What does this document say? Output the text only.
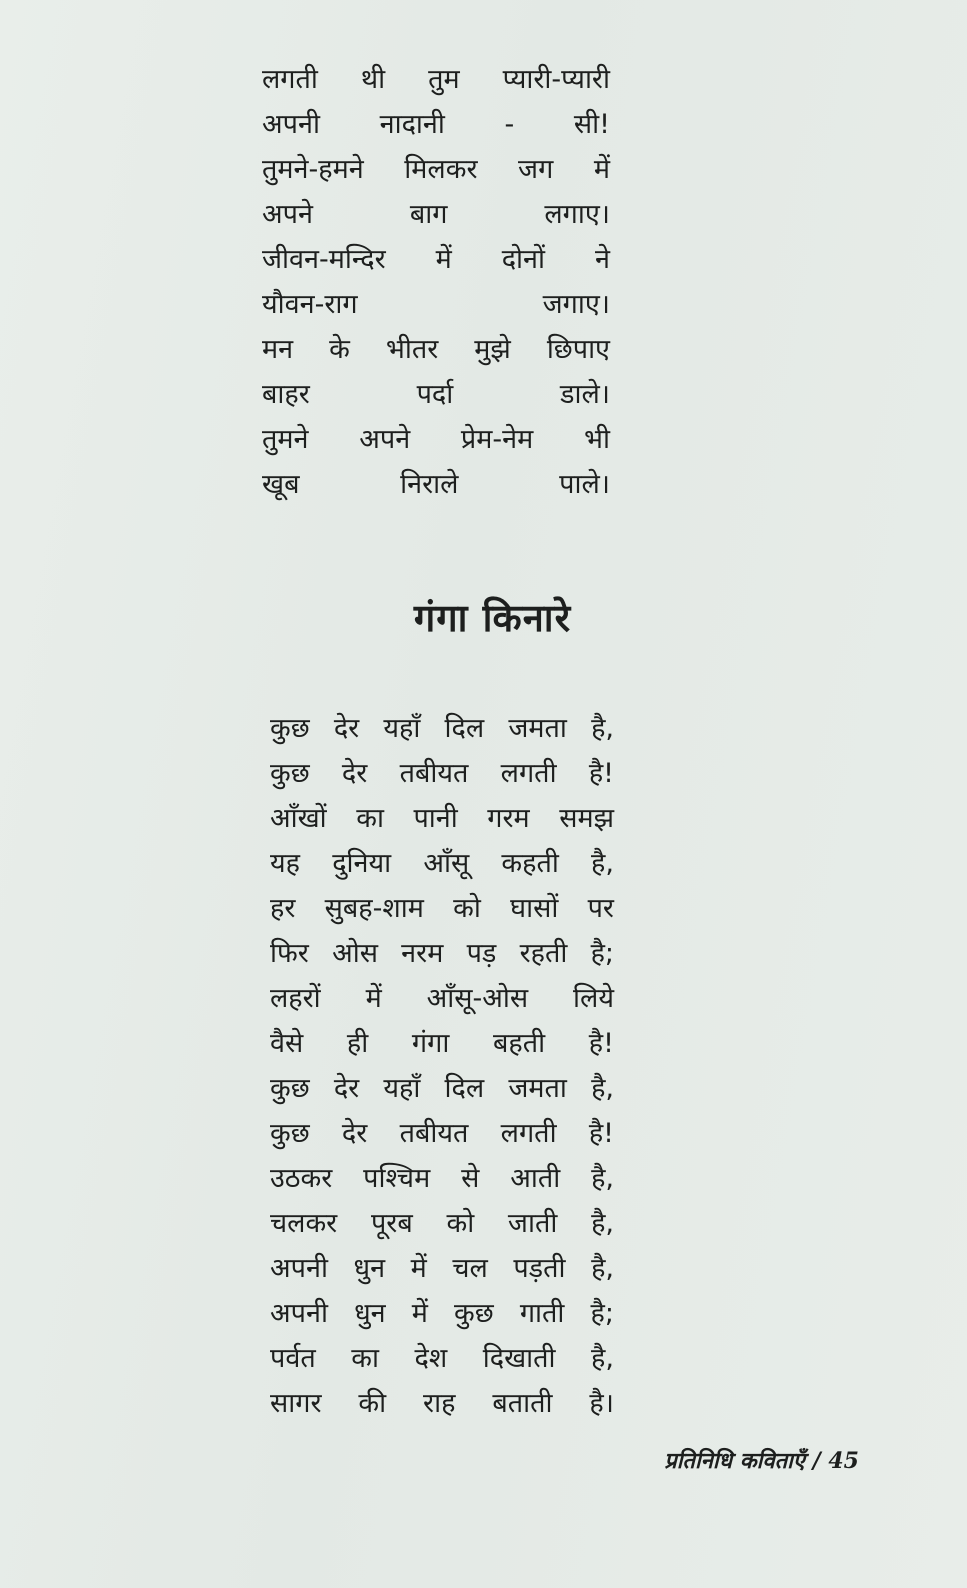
लगती थी तुम प्यारी-प्यारी
अपनी नादानी - सी!
तुमने-हमने मिलकर जग में
अपने	बाग	लगाए।
जीवन-मन्दिर में दोनों ने
यौवन-राग	जगाए।
मन के भीतर मुझे छिपाए
बाहर	पर्दा	डाले।
तुमने अपने प्रेम-नेम भी
खूब	निराले	पाले।
गंगा किनारे
कुछ देर यहाँ दिल जमता है,
कुछ देर तबीयत लगती है!
आँखों का पानी गरम समझ
यह दुनिया आँसू कहती है,
हर सुबह-शाम को घासों पर
फिर ओस नरम पड़ रहती है;
लहरों में आँसू-ओस लिये
वैसे ही गंगा बहती है!
कुछ देर यहाँ दिल जमता है,
कुछ देर तबीयत लगती है!
उठकर पश्चिम से आती है,
चलकर पूरब को जाती है,
अपनी धुन में चल पड़ती है,
अपनी धुन में कुछ गाती है;
पर्वत का देश दिखाती है,
सागर की राह बताती है।
प्रतिनिधि कविताएँ / 45
